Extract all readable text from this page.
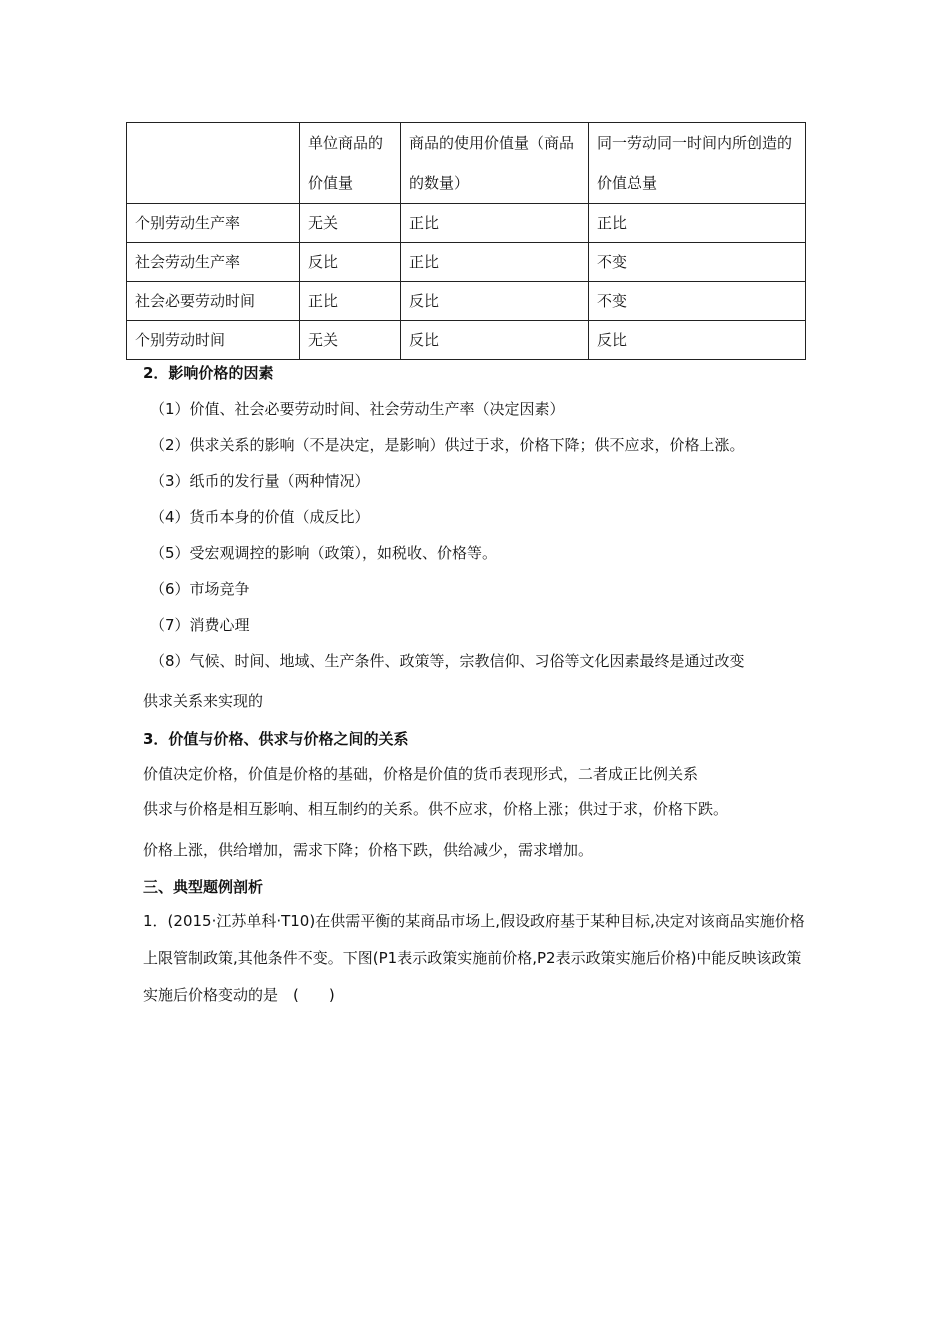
	单位商品的价值量	商品的使用价值量（商品的数量）	同一劳动同一时间内所创造的价值总量
个别劳动生产率	无关	正比	正比
社会劳动生产率	反比	正比	不变
社会必要劳动时间	正比	反比	不变
个别劳动时间	无关	反比	反比
2．影响价格的因素
（1）价值、社会必要劳动时间、社会劳动生产率（决定因素）
（2）供求关系的影响（不是决定，是影响）供过于求，价格下降；供不应求，价格上涨。
（3）纸币的发行量（两种情况）
（4）货币本身的价值（成反比）
（5）受宏观调控的影响（政策），如税收、价格等。
（6）市场竞争
（7）消费心理
（8）气候、时间、地域、生产条件、政策等，宗教信仰、习俗等文化因素最终是通过改变
供求关系来实现的
3．价值与价格、供求与价格之间的关系
价值决定价格，价值是价格的基础，价格是价值的货币表现形式，二者成正比例关系
供求与价格是相互影响、相互制约的关系。供不应求，价格上涨；供过于求，价格下跌。
价格上涨，供给增加，需求下降；价格下跌，供给减少，需求增加。
三、典型题例剖析
1．(2015·江苏单科·T10)在供需平衡的某商品市场上,假设政府基于某种目标,决定对该商品实施价格上限管制政策,其他条件不变。下图(P1表示政策实施前价格,P2表示政策实施后价格)中能反映该政策实施后价格变动的是　(　　)
